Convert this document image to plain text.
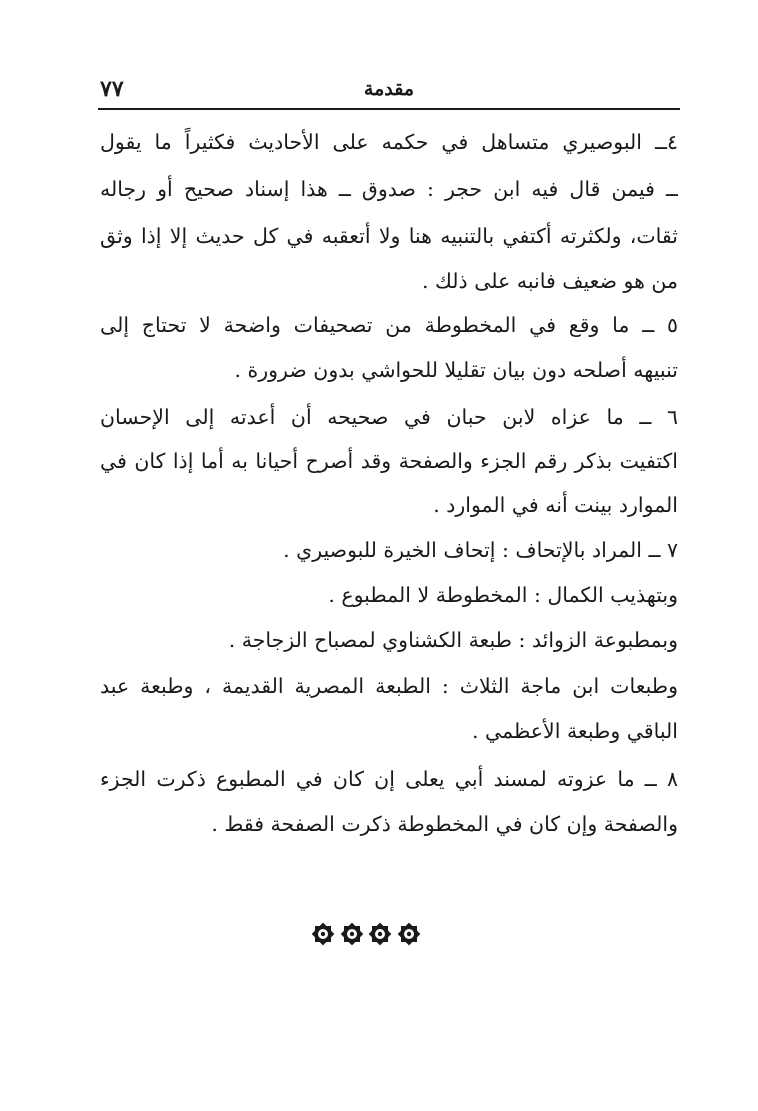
مقدمة
٧٧
٤ــ البوصيري متساهل في حكمه على الأحاديث فكثيراً ما يقول
ــ فيمن قال فيه ابن حجر : صدوق ــ هذا إسناد صحيح أو رجاله
ثقات، ولكثرته أكتفي بالتنبيه هنا ولا أتعقبه في كل حديث إلا إذا وثق
من هو ضعيف فانبه على ذلك .
٥ ــ ما وقع في المخطوطة من تصحيفات واضحة لا تحتاج إلى
تنبيهه أصلحه دون بيان تقليلا للحواشي بدون ضرورة .
٦ ــ ما عزاه لابن حبان في صحيحه أن أعدته إلى الإحسان
اكتفيت بذكر رقم الجزء والصفحة وقد أصرح أحيانا به أما إذا كان في
الموارد بينت أنه في الموارد .
٧ ــ المراد بالإتحاف : إتحاف الخيرة للبوصيري .
وبتهذيب الكمال : المخطوطة لا المطبوع .
وبمطبوعة الزوائد : طبعة الكشناوي لمصباح الزجاجة .
وطبعات ابن ماجة الثلاث : الطبعة المصرية القديمة ، وطبعة عبد
الباقي وطبعة الأعظمي .
٨ ــ ما عزوته لمسند أبي يعلى إن كان في المطبوع ذكرت الجزء
والصفحة وإن كان في المخطوطة ذكرت الصفحة فقط .
